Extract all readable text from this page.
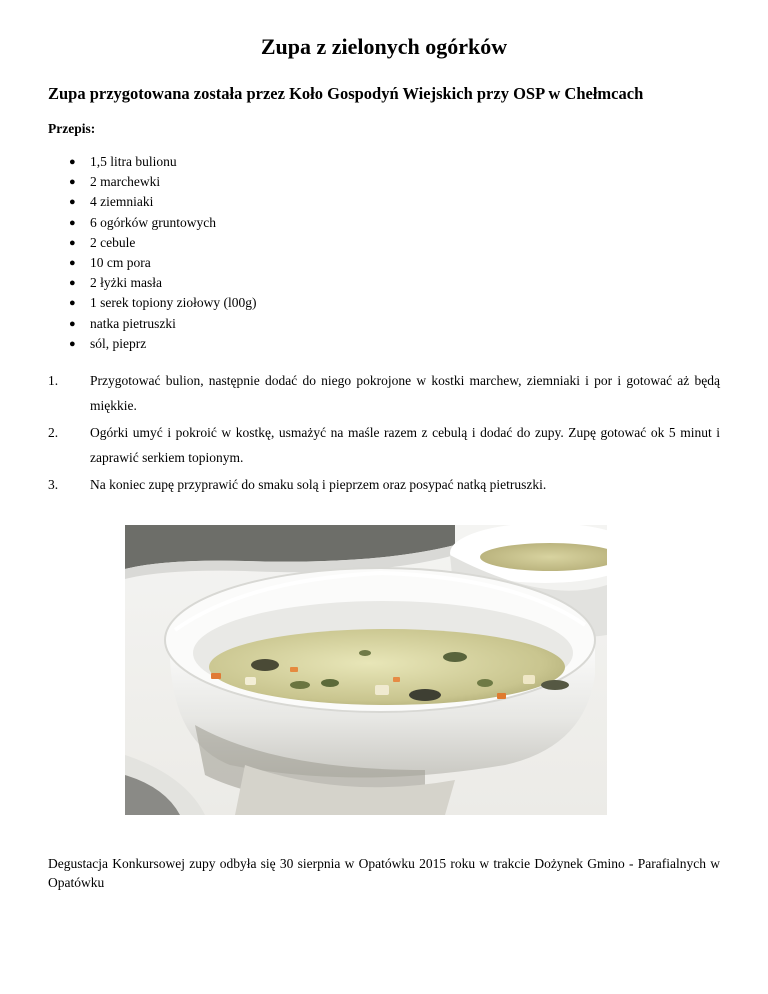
Zupa z zielonych ogórków
Zupa przygotowana została przez Koło Gospodyń Wiejskich przy OSP w Chełmcach

Przepis:

● 1,5 litra bulionu
● 2 marchewki
● 4 ziemniaki
● 6 ogórków gruntowych
● 2 cebule
● 10 cm pora
● 2 łyżki masła
● 1 serek topiony ziołowy (l00g)
● natka pietruszki
● sól, pieprz
1. Przygotować bulion, następnie dodać do niego pokrojone w kostki marchew, ziemniaki i por i gotować aż będą miękkie.
2. Ogórki umyć i pokroić w kostkę, usmażyć na maśle razem z cebulą i dodać do zupy. Zupę gotować ok 5 minut i zaprawić serkiem topionym.
3. Na koniec zupę przyprawić do smaku solą i pieprzem oraz posypać natką pietruszki.

Degustacja Konkursowej zupy odbyła się 30 sierpnia w Opatówku 2015 roku w trakcie Dożynek Gmino - Parafialnych w Opatówku
